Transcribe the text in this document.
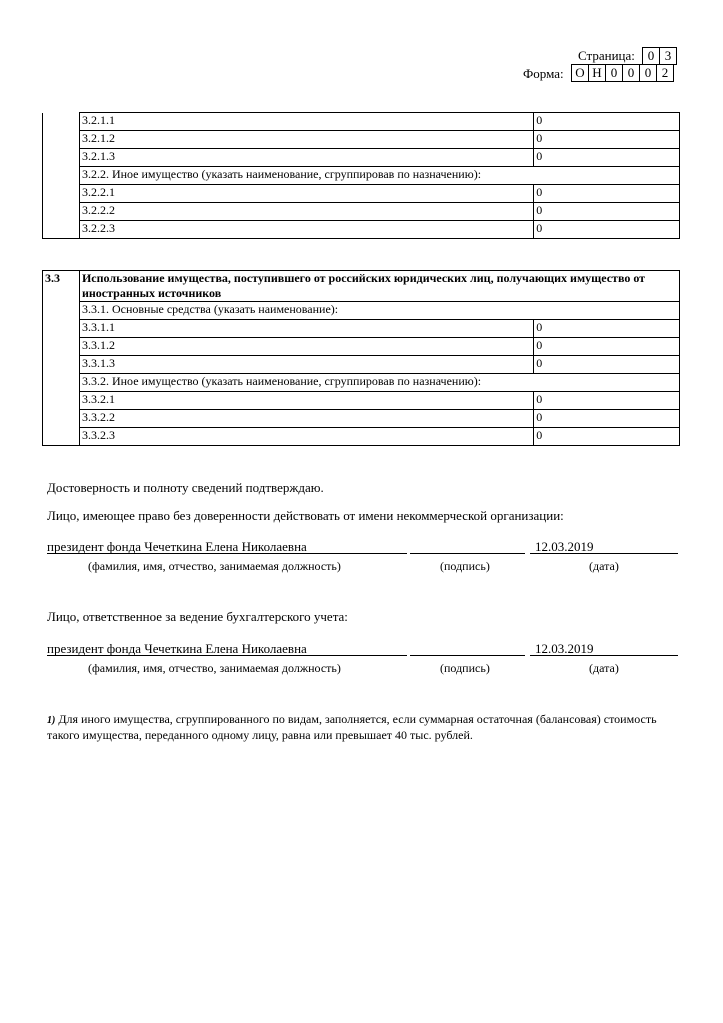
Страница: 0 3
Форма: О Н 0 0 0 2
	3.2.1.1	0
	3.2.1.2	0
	3.2.1.3	0
	3.2.2. Иное имущество (указать наименование, сгруппировав по назначению):	
	3.2.2.1	0
	3.2.2.2	0
	3.2.2.3	0
3.3	Использование имущества, поступившего от российских юридических лиц, получающих имущество от иностранных источников	
	3.3.1. Основные средства (указать наименование):	
	3.3.1.1	0
	3.3.1.2	0
	3.3.1.3	0
	3.3.2. Иное имущество (указать наименование, сгруппировав по назначению):	
	3.3.2.1	0
	3.3.2.2	0
	3.3.2.3	0
Достоверность и полноту сведений подтверждаю.
Лицо, имеющее право без доверенности действовать от имени некоммерческой организации:
президент фонда Чечеткина Елена Николаевна	12.03.2019
(фамилия, имя, отчество, занимаемая должность)	(подпись)	(дата)
Лицо, ответственное за ведение бухгалтерского учета:
президент фонда Чечеткина Елена Николаевна	12.03.2019
(фамилия, имя, отчество, занимаемая должность)	(подпись)	(дата)
1) Для иного имущества, сгруппированного по видам, заполняется, если суммарная остаточная (балансовая) стоимость такого имущества, переданного одному лицу, равна или превышает 40 тыс. рублей.
